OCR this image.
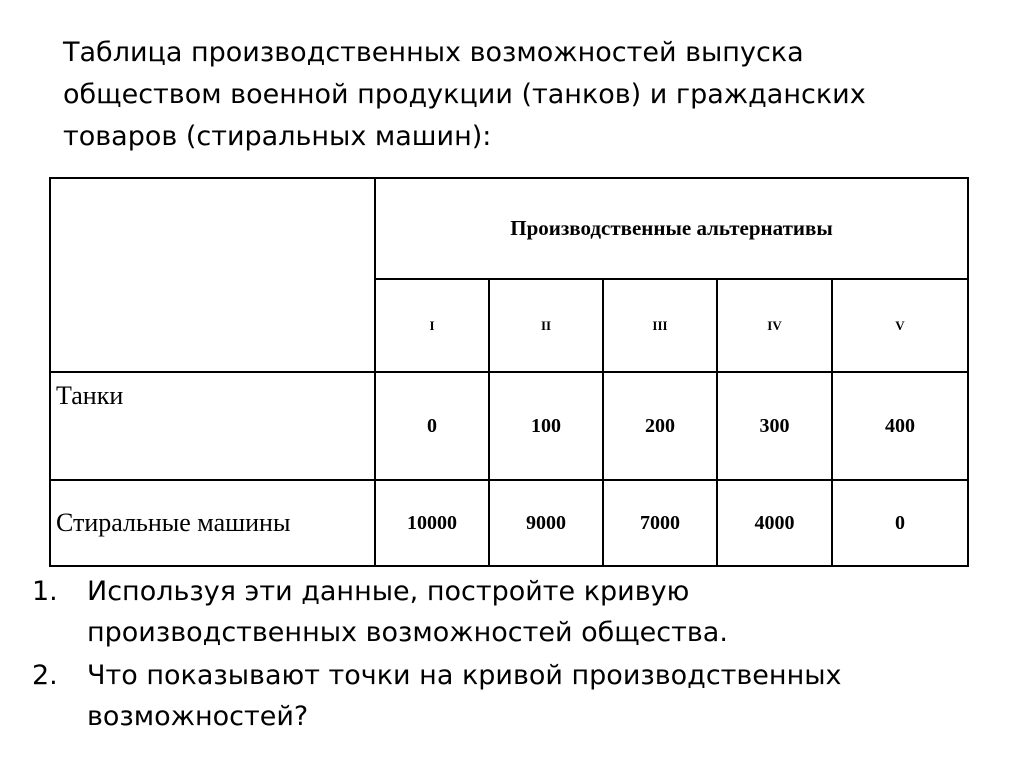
Таблица производственных возможностей выпуска
обществом военной продукции (танков) и гражданских
товаров (стиральных машин):
	Производственные альтернативы				
	I	II	III	IV	V
Танки	0	100	200	300	400
Стиральные машины	10000	9000	7000	4000	0
1.	Используя эти данные, постройте кривую
производственных возможностей общества.
2.	Что показывают точки на кривой производственных
возможностей?
